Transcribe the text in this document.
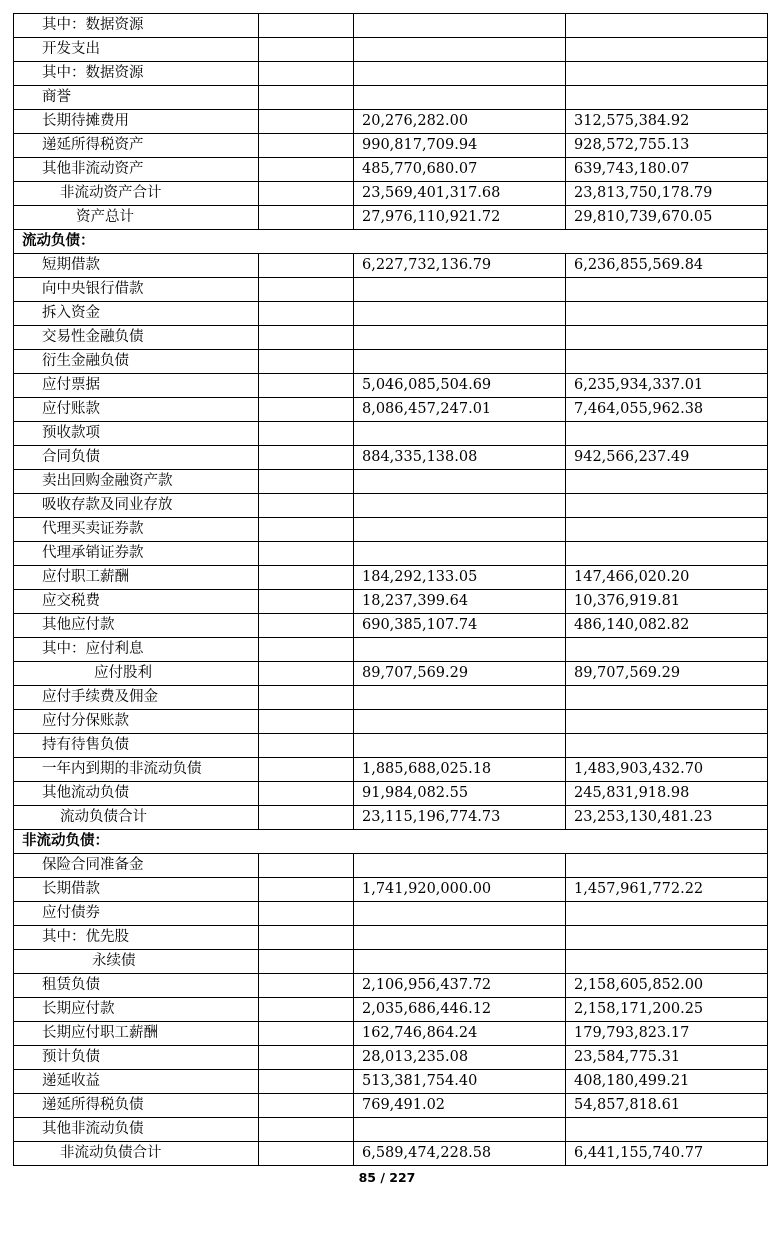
其中：数据资源			
开发支出			
其中：数据资源			
商誉			
长期待摊费用		20,276,282.00	312,575,384.92
递延所得税资产		990,817,709.94	928,572,755.13
其他非流动资产		485,770,680.07	639,743,180.07
非流动资产合计		23,569,401,317.68	23,813,750,178.79
资产总计		27,976,110,921.72	29,810,739,670.05
流动负债：			
短期借款		6,227,732,136.79	6,236,855,569.84
向中央银行借款			
拆入资金			
交易性金融负债			
衍生金融负债			
应付票据		5,046,085,504.69	6,235,934,337.01
应付账款		8,086,457,247.01	7,464,055,962.38
预收款项			
合同负债		884,335,138.08	942,566,237.49
卖出回购金融资产款			
吸收存款及同业存放			
代理买卖证券款			
代理承销证券款			
应付职工薪酬		184,292,133.05	147,466,020.20
应交税费		18,237,399.64	10,376,919.81
其他应付款		690,385,107.74	486,140,082.82
其中：应付利息			
应付股利		89,707,569.29	89,707,569.29
应付手续费及佣金			
应付分保账款			
持有待售负债			
一年内到期的非流动负债		1,885,688,025.18	1,483,903,432.70
其他流动负债		91,984,082.55	245,831,918.98
流动负债合计		23,115,196,774.73	23,253,130,481.23
非流动负债：			
保险合同准备金			
长期借款		1,741,920,000.00	1,457,961,772.22
应付债券			
其中：优先股			
永续债			
租赁负债		2,106,956,437.72	2,158,605,852.00
长期应付款		2,035,686,446.12	2,158,171,200.25
长期应付职工薪酬		162,746,864.24	179,793,823.17
预计负债		28,013,235.08	23,584,775.31
递延收益		513,381,754.40	408,180,499.21
递延所得税负债		769,491.02	54,857,818.61
其他非流动负债			
非流动负债合计		6,589,474,228.58	6,441,155,740.77
85 / 227
